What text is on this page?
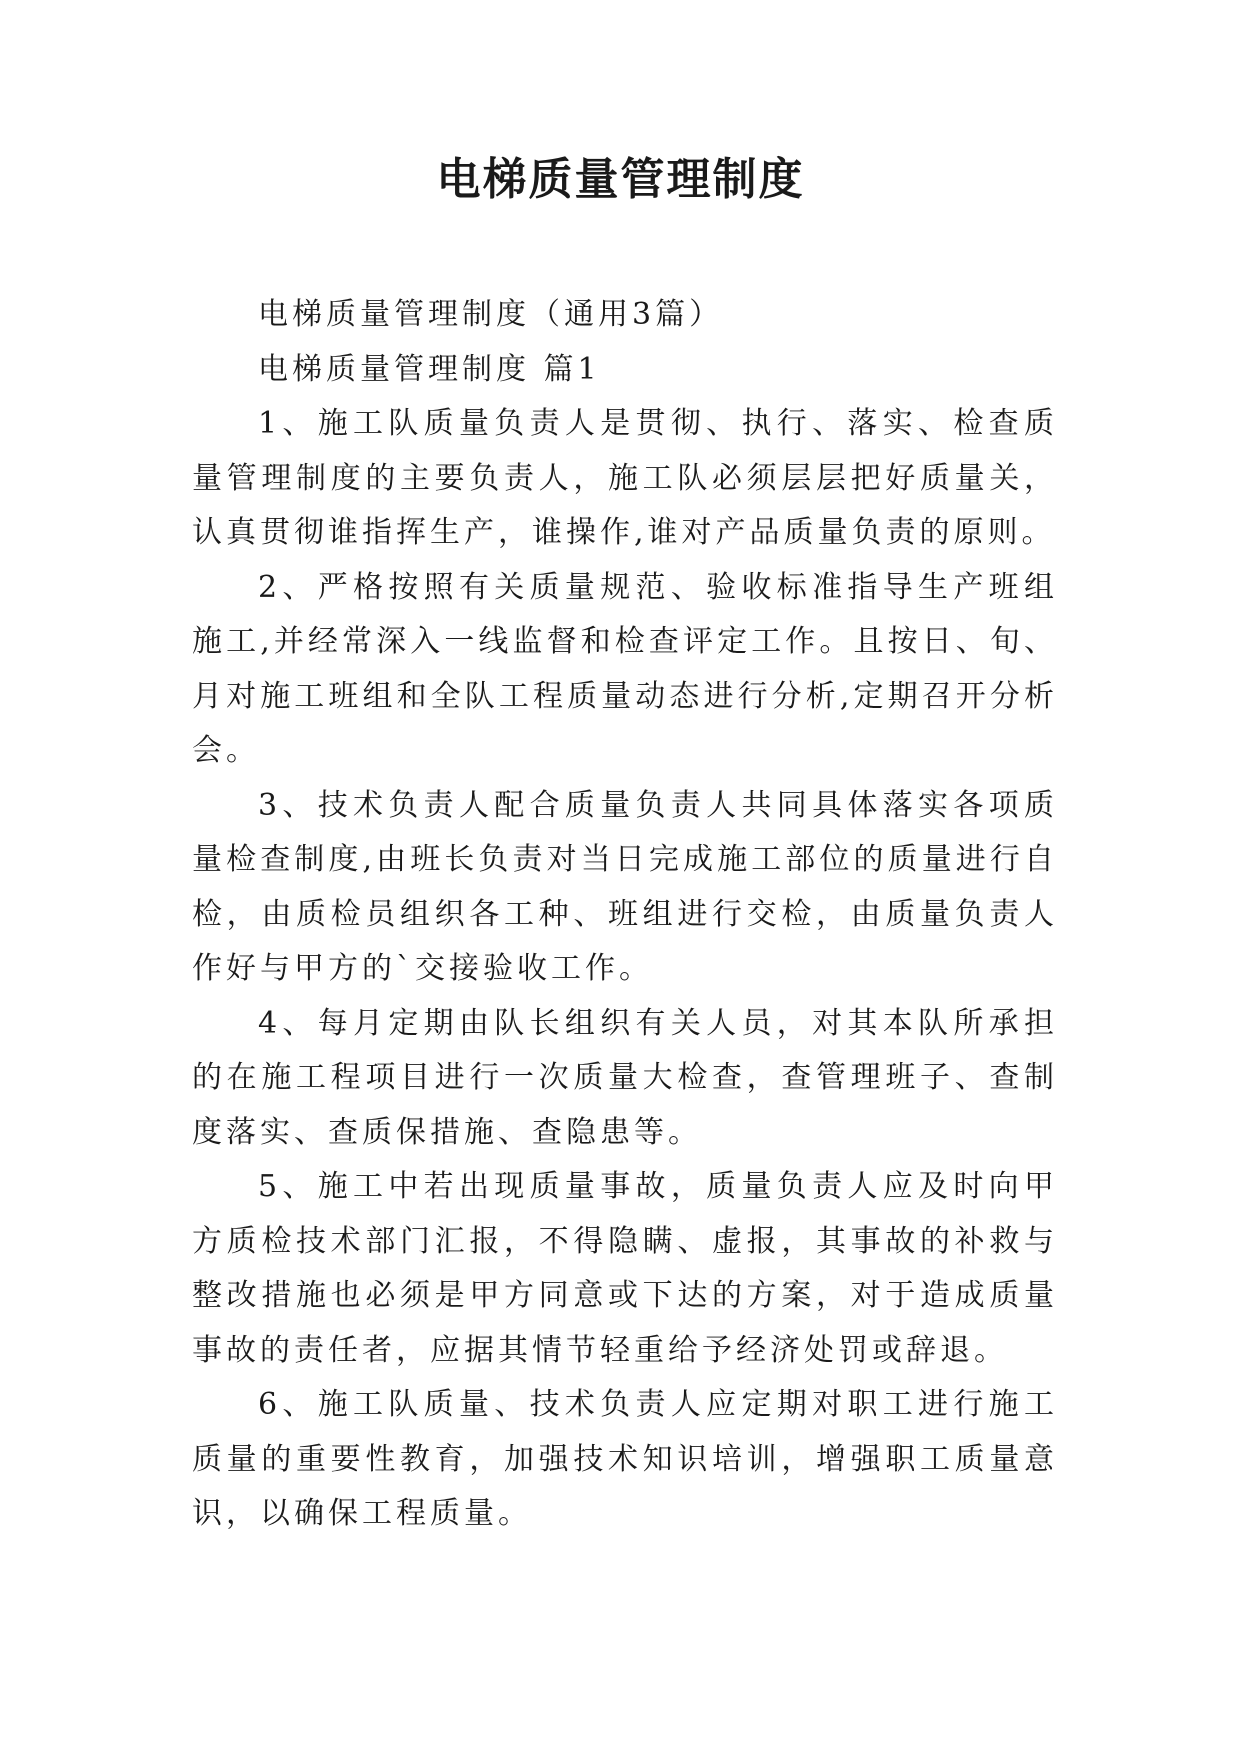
电梯质量管理制度

电梯质量管理制度（通用3篇）

电梯质量管理制度 篇1

1、施工队质量负责人是贯彻、执行、落实、检查质量管理制度的主要负责人，施工队必须层层把好质量关，认真贯彻谁指挥生产，谁操作,谁对产品质量负责的原则。

2、严格按照有关质量规范、验收标准指导生产班组施工,并经常深入一线监督和检查评定工作。且按日、旬、月对施工班组和全队工程质量动态进行分析,定期召开分析会。

3、技术负责人配合质量负责人共同具体落实各项质量检查制度,由班长负责对当日完成施工部位的质量进行自检，由质检员组织各工种、班组进行交检，由质量负责人作好与甲方的`交接验收工作。

4、每月定期由队长组织有关人员，对其本队所承担的在施工程项目进行一次质量大检查，查管理班子、查制度落实、查质保措施、查隐患等。

5、施工中若出现质量事故，质量负责人应及时向甲方质检技术部门汇报，不得隐瞒、虚报，其事故的补救与整改措施也必须是甲方同意或下达的方案，对于造成质量事故的责任者，应据其情节轻重给予经济处罚或辞退。

6、施工队质量、技术负责人应定期对职工进行施工质量的重要性教育，加强技术知识培训，增强职工质量意识，以确保工程质量。
